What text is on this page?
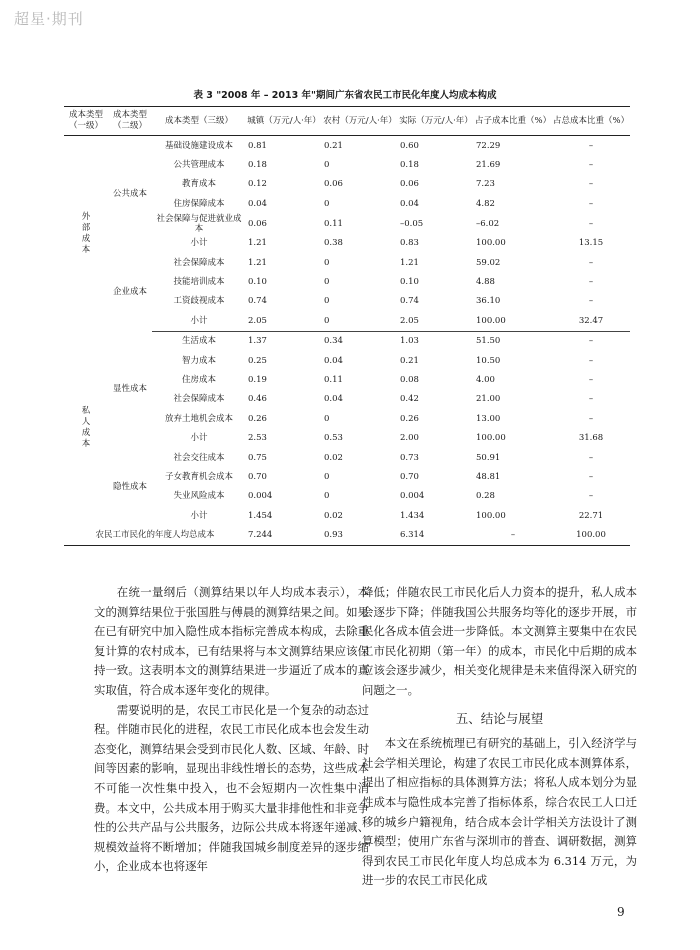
超星·期刊
表 3 "2008 年 – 2013 年"期间广东省农民工市民化年度人均成本构成
成本类型（一级）	成本类型（二级）	成本类型（三级）	城镇（万元/人·年）	农村（万元/人·年）	实际（万元/人·年）	占子成本比重（%）	占总成本比重（%）
外部成本	公共成本	基础设施建设成本	0.81	0.21	0.60	72.29	–
		公共管理成本	0.18	0	0.18	21.69	–
		教育成本	0.12	0.06	0.06	7.23	–
		住房保障成本	0.04	0	0.04	4.82	–
		社会保障与促进就业成本	0.06	0.11	–0.05	–6.02	–
		小计	1.21	0.38	0.83	100.00	13.15
	企业成本	社会保障成本	1.21	0	1.21	59.02	–
		技能培训成本	0.10	0	0.10	4.88	–
		工资歧视成本	0.74	0	0.74	36.10	–
		小计	2.05	0	2.05	100.00	32.47
私人成本	显性成本	生活成本	1.37	0.34	1.03	51.50	–
		智力成本	0.25	0.04	0.21	10.50	–
		住房成本	0.19	0.11	0.08	4.00	–
		社会保障成本	0.46	0.04	0.42	21.00	–
		放弃土地机会成本	0.26	0	0.26	13.00	–
		小计	2.53	0.53	2.00	100.00	31.68
	隐性成本	社会交往成本	0.75	0.02	0.73	50.91	–
		子女教育机会成本	0.70	0	0.70	48.81	–
		失业风险成本	0.004	0	0.004	0.28	–
		小计	1.454	0.02	1.434	100.00	22.71
农民工市民化的年度人均总成本			7.244	0.93	6.314	–	100.00

在统一量纲后（测算结果以年人均成本表示），本文的测算结果位于张国胜与傅晨的测算结果之间。如果在已有研究中加入隐性成本指标完善成本构成，去除重复计算的农村成本，已有结果将与本文测算结果应该保持一致。这表明本文的测算结果进一步逼近了成本的真实取值，符合成本逐年变化的规律。

需要说明的是，农民工市民化是一个复杂的动态过程。伴随市民化的进程，农民工市民化成本也会发生动态变化，测算结果会受到市民化人数、区域、年龄、时间等因素的影响，显现出非线性增长的态势，这些成本不可能一次性集中投入，也不会短期内一次性集中消费。本文中，公共成本用于购买大量非排他性和非竞争性的公共产品与公共服务，边际公共成本将逐年递减、规模效益将不断增加；伴随我国城乡制度差异的逐步缩小，企业成本也将逐年

降低；伴随农民工市民化后人力资本的提升，私人成本会逐步下降；伴随我国公共服务均等化的逐步开展，市民化各成本值会进一步降低。本文测算主要集中在农民工市民化初期（第一年）的成本，市民化中后期的成本应该会逐步减少，相关变化规律是未来值得深入研究的问题之一。

五、结论与展望

本文在系统梳理已有研究的基础上，引入经济学与社会学相关理论，构建了农民工市民化成本测算体系，提出了相应指标的具体测算方法；将私人成本划分为显性成本与隐性成本完善了指标体系，综合农民工人口迁移的城乡户籍视角，结合成本会计学相关方法设计了测算模型；使用广东省与深圳市的普查、调研数据，测算得到农民工市民化年度人均总成本为 6.314 万元，为进一步的农民工市民化成

9
